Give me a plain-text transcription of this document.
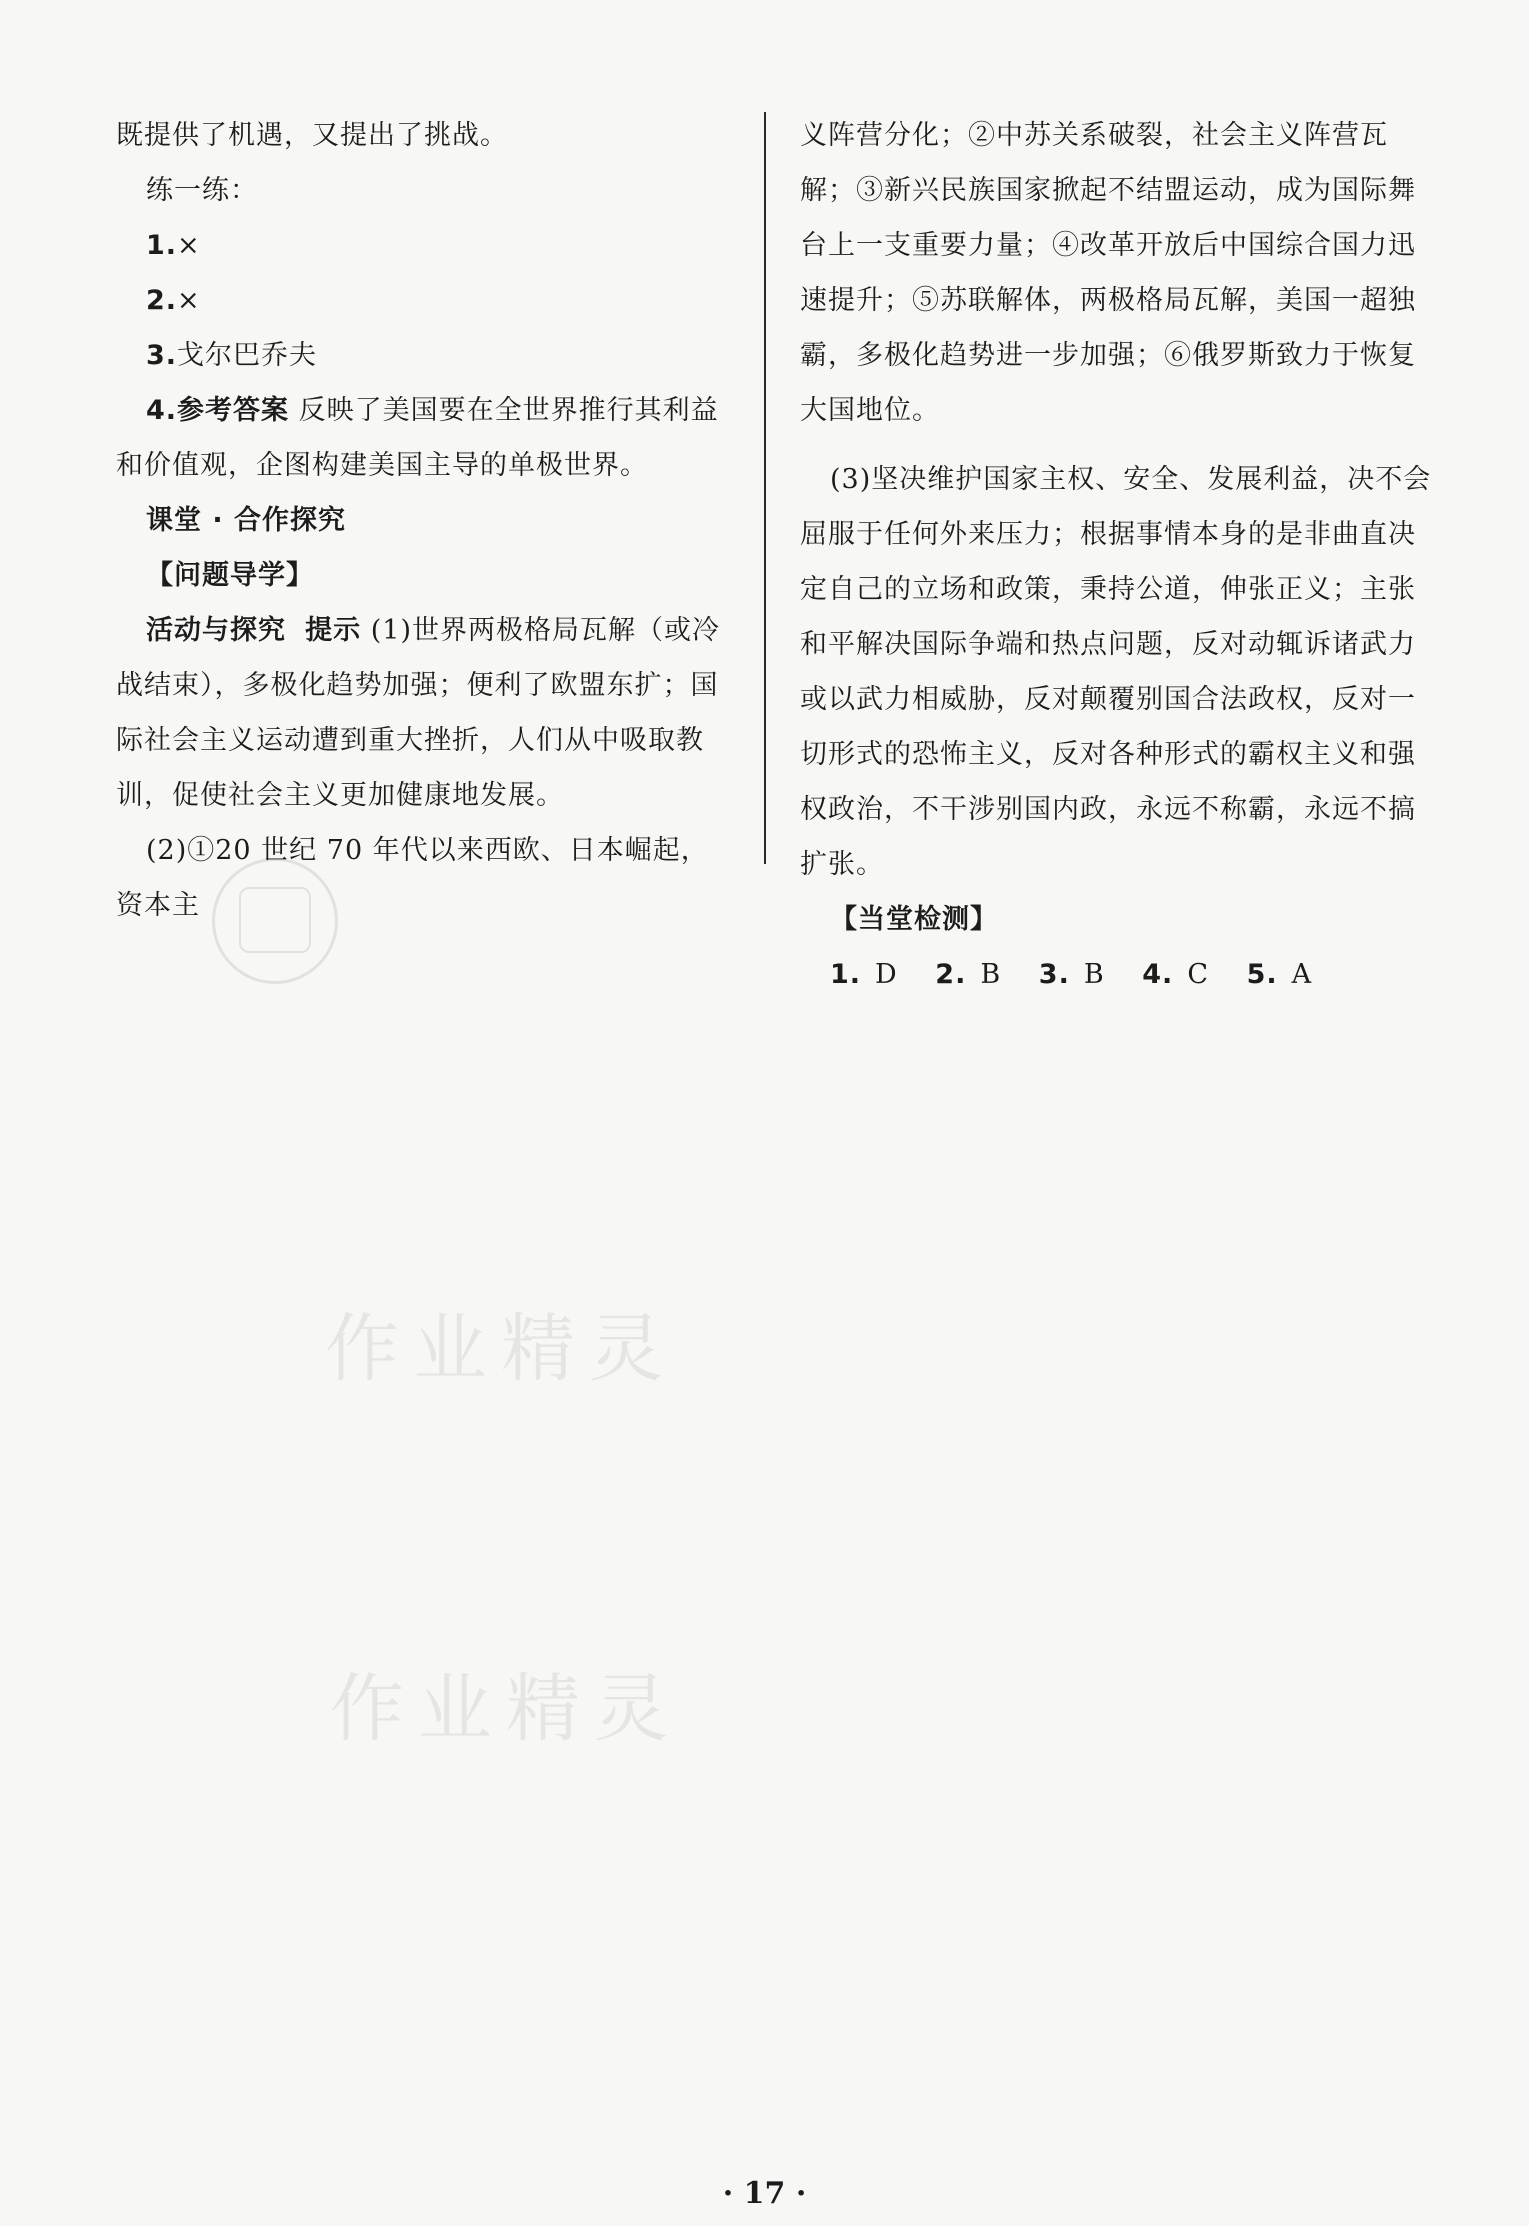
作业精灵
作业精灵

既提供了机遇，又提出了挑战。

练一练：

1.×

2.×

3.戈尔巴乔夫

4.参考答案 反映了美国要在全世界推行其利益和价值观，企图构建美国主导的单极世界。

课堂 · 合作探究

【问题导学】

活动与探究 提示 (1)世界两极格局瓦解（或冷战结束），多极化趋势加强；便利了欧盟东扩；国际社会主义运动遭到重大挫折，人们从中吸取教训，促使社会主义更加健康地发展。

(2)①20 世纪 70 年代以来西欧、日本崛起，资本主

义阵营分化；②中苏关系破裂，社会主义阵营瓦解；③新兴民族国家掀起不结盟运动，成为国际舞台上一支重要力量；④改革开放后中国综合国力迅速提升；⑤苏联解体，两极格局瓦解，美国一超独霸，多极化趋势进一步加强；⑥俄罗斯致力于恢复大国地位。

(3)坚决维护国家主权、安全、发展利益，决不会屈服于任何外来压力；根据事情本身的是非曲直决定自己的立场和政策，秉持公道，伸张正义；主张和平解决国际争端和热点问题，反对动辄诉诸武力或以武力相威胁，反对颠覆别国合法政权，反对一切形式的恐怖主义，反对各种形式的霸权主义和强权政治，不干涉别国内政，永远不称霸，永远不搞扩张。

【当堂检测】

1. D 2. B 3. B 4. C 5. A

· 17 ·
